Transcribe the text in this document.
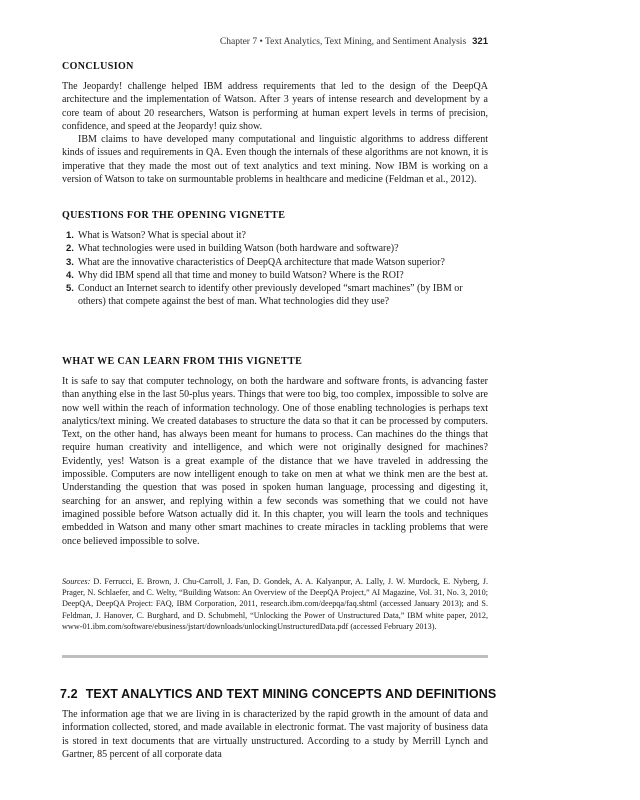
Chapter 7 • Text Analytics, Text Mining, and Sentiment Analysis 321
CONCLUSION

The Jeopardy! challenge helped IBM address requirements that led to the design of the DeepQA architecture and the implementation of Watson. After 3 years of intense research and development by a core team of about 20 researchers, Watson is performing at human expert levels in terms of precision, confidence, and speed at the Jeopardy! quiz show.

IBM claims to have developed many computational and linguistic algorithms to address different kinds of issues and requirements in QA. Even though the internals of these algorithms are not known, it is imperative that they made the most out of text analytics and text mining. Now IBM is working on a version of Watson to take on surmountable problems in healthcare and medicine (Feldman et al., 2012).

QUESTIONS FOR THE OPENING VIGNETTE
1. What is Watson? What is special about it?
2. What technologies were used in building Watson (both hardware and software)?
3. What are the innovative characteristics of DeepQA architecture that made Watson superior?
4. Why did IBM spend all that time and money to build Watson? Where is the ROI?
5. Conduct an Internet search to identify other previously developed “smart machines” (by IBM or others) that compete against the best of man. What technologies did they use?
WHAT WE CAN LEARN FROM THIS VIGNETTE

It is safe to say that computer technology, on both the hardware and software fronts, is advancing faster than anything else in the last 50-plus years. Things that were too big, too complex, impossible to solve are now well within the reach of information technology. One of those enabling technologies is perhaps text analytics/text mining. We created databases to structure the data so that it can be processed by computers. Text, on the other hand, has always been meant for humans to process. Can machines do the things that require human creativity and intelligence, and which were not originally designed for machines? Evidently, yes! Watson is a great example of the distance that we have traveled in addressing the impossible. Computers are now intelligent enough to take on men at what we think men are the best at. Understanding the question that was posed in spoken human language, processing and digesting it, searching for an answer, and replying within a few seconds was something that we could not have imagined possible before Watson actually did it. In this chapter, you will learn the tools and techniques embedded in Watson and many other smart machines to create miracles in tackling problems that were once believed impossible to solve.

Sources: D. Ferrucci, E. Brown, J. Chu-Carroll, J. Fan, D. Gondek, A. A. Kalyanpur, A. Lally, J. W. Murdock, E. Nyberg, J. Prager, N. Schlaefer, and C. Welty, “Building Watson: An Overview of the DeepQA Project,” AI Magazine, Vol. 31, No. 3, 2010; DeepQA, DeepQA Project: FAQ, IBM Corporation, 2011, research.ibm.com/deepqa/faq.shtml (accessed January 2013); and S. Feldman, J. Hanover, C. Burghard, and D. Schubmehl, “Unlocking the Power of Unstructured Data,” IBM white paper, 2012, www-01.ibm.com/software/ebusiness/jstart/downloads/unlockingUnstructuredData.pdf (accessed February 2013).

7.2 TEXT ANALYTICS AND TEXT MINING CONCEPTS AND DEFINITIONS

The information age that we are living in is characterized by the rapid growth in the amount of data and information collected, stored, and made available in electronic format. The vast majority of business data is stored in text documents that are virtually unstructured. According to a study by Merrill Lynch and Gartner, 85 percent of all corporate data
